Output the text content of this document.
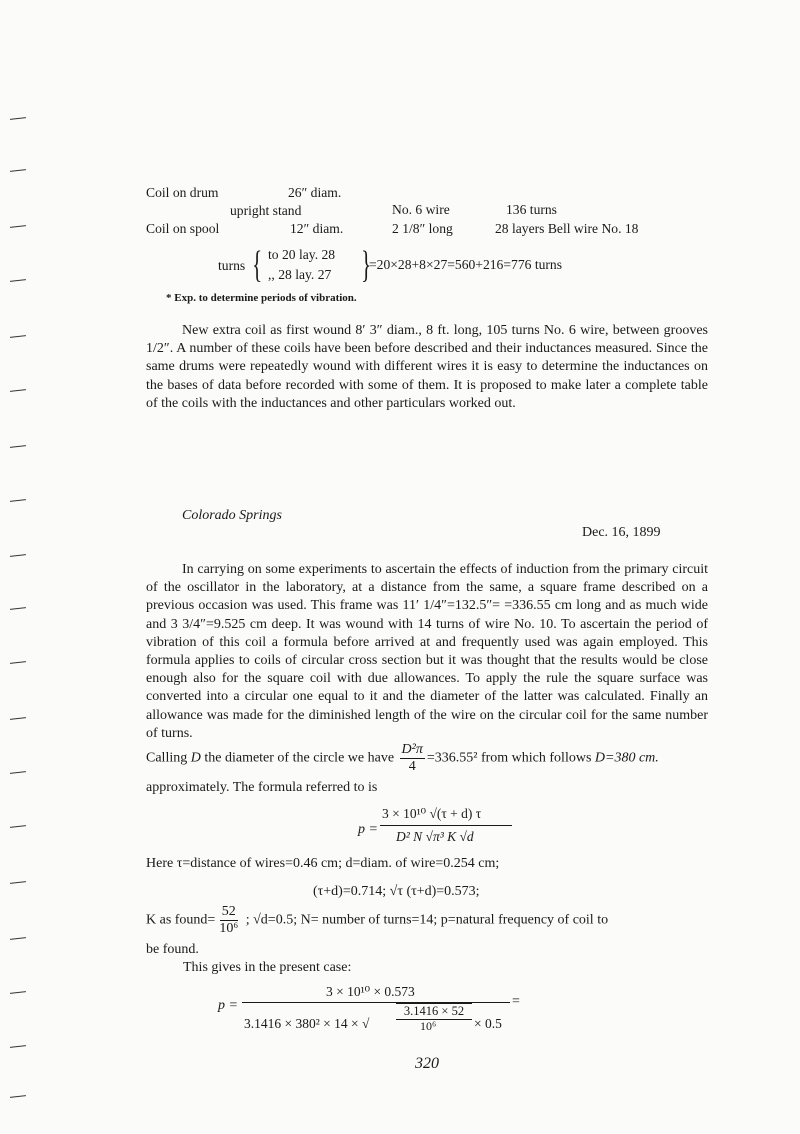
Coil on drum	26″ diam.
upright stand	No. 6 wire	136 turns
Coil on spool	12″ diam.	2 1/8″ long	28 layers Bell wire No. 18
turns { to 20 lay. 28
,, 28 lay. 27 }
=20×28+8×27=560+216=776 turns
* Exp. to determine periods of vibration.
New extra coil as first wound 8′ 3″ diam., 8 ft. long, 105 turns No. 6 wire, between grooves 1/2″. A number of these coils have been before described and their inductances measured. Since the same drums were repeatedly wound with different wires it is easy to determine the inductances on the bases of data before recorded with some of them. It is proposed to make later a complete table of the coils with the inductances and other particulars worked out.
Colorado Springs
Dec. 16, 1899
In carrying on some experiments to ascertain the effects of induction from the primary circuit of the oscillator in the laboratory, at a distance from the same, a square frame described on a previous occasion was used. This frame was 11′ 1/4″=132.5″= =336.55 cm long and as much wide and 3 3/4″=9.525 cm deep. It was wound with 14 turns of wire No. 10. To ascertain the period of vibration of this coil a formula before arrived at and frequently used was again employed. This formula applies to coils of circular cross section but it was thought that the results would be close enough also for the square coil with due allowances. To apply the rule the square surface was converted into a circular one equal to it and the diameter of the latter was calculated. Finally an allowance was made for the diminished length of the wire on the circular coil for the same number of turns.
Calling D the diameter of the circle we have $\frac{\text{D²π}}{4} =336.55^2$ from which follows D=380 cm.
approximately. The formula referred to is
p =
3 × 10¹⁰ √(τ + d) τ
D² N √π³ K √d
Here τ=distance of wires=0.46 cm; d=diam. of wire=0.254 cm;
(τ+d)=0.714; √τ (τ+d)=0.573;
K as found= $\frac{52}{\text{10⁶}}$ ; √d=0.5; N= number of turns=14; p=natural frequency of coil to
be found.
This gives in the present case:
p =
3 × 10¹⁰ × 0.573
=
3.1416 × 380² × 14 × √
3.1416 × 52
10⁶	× 0.5
320
